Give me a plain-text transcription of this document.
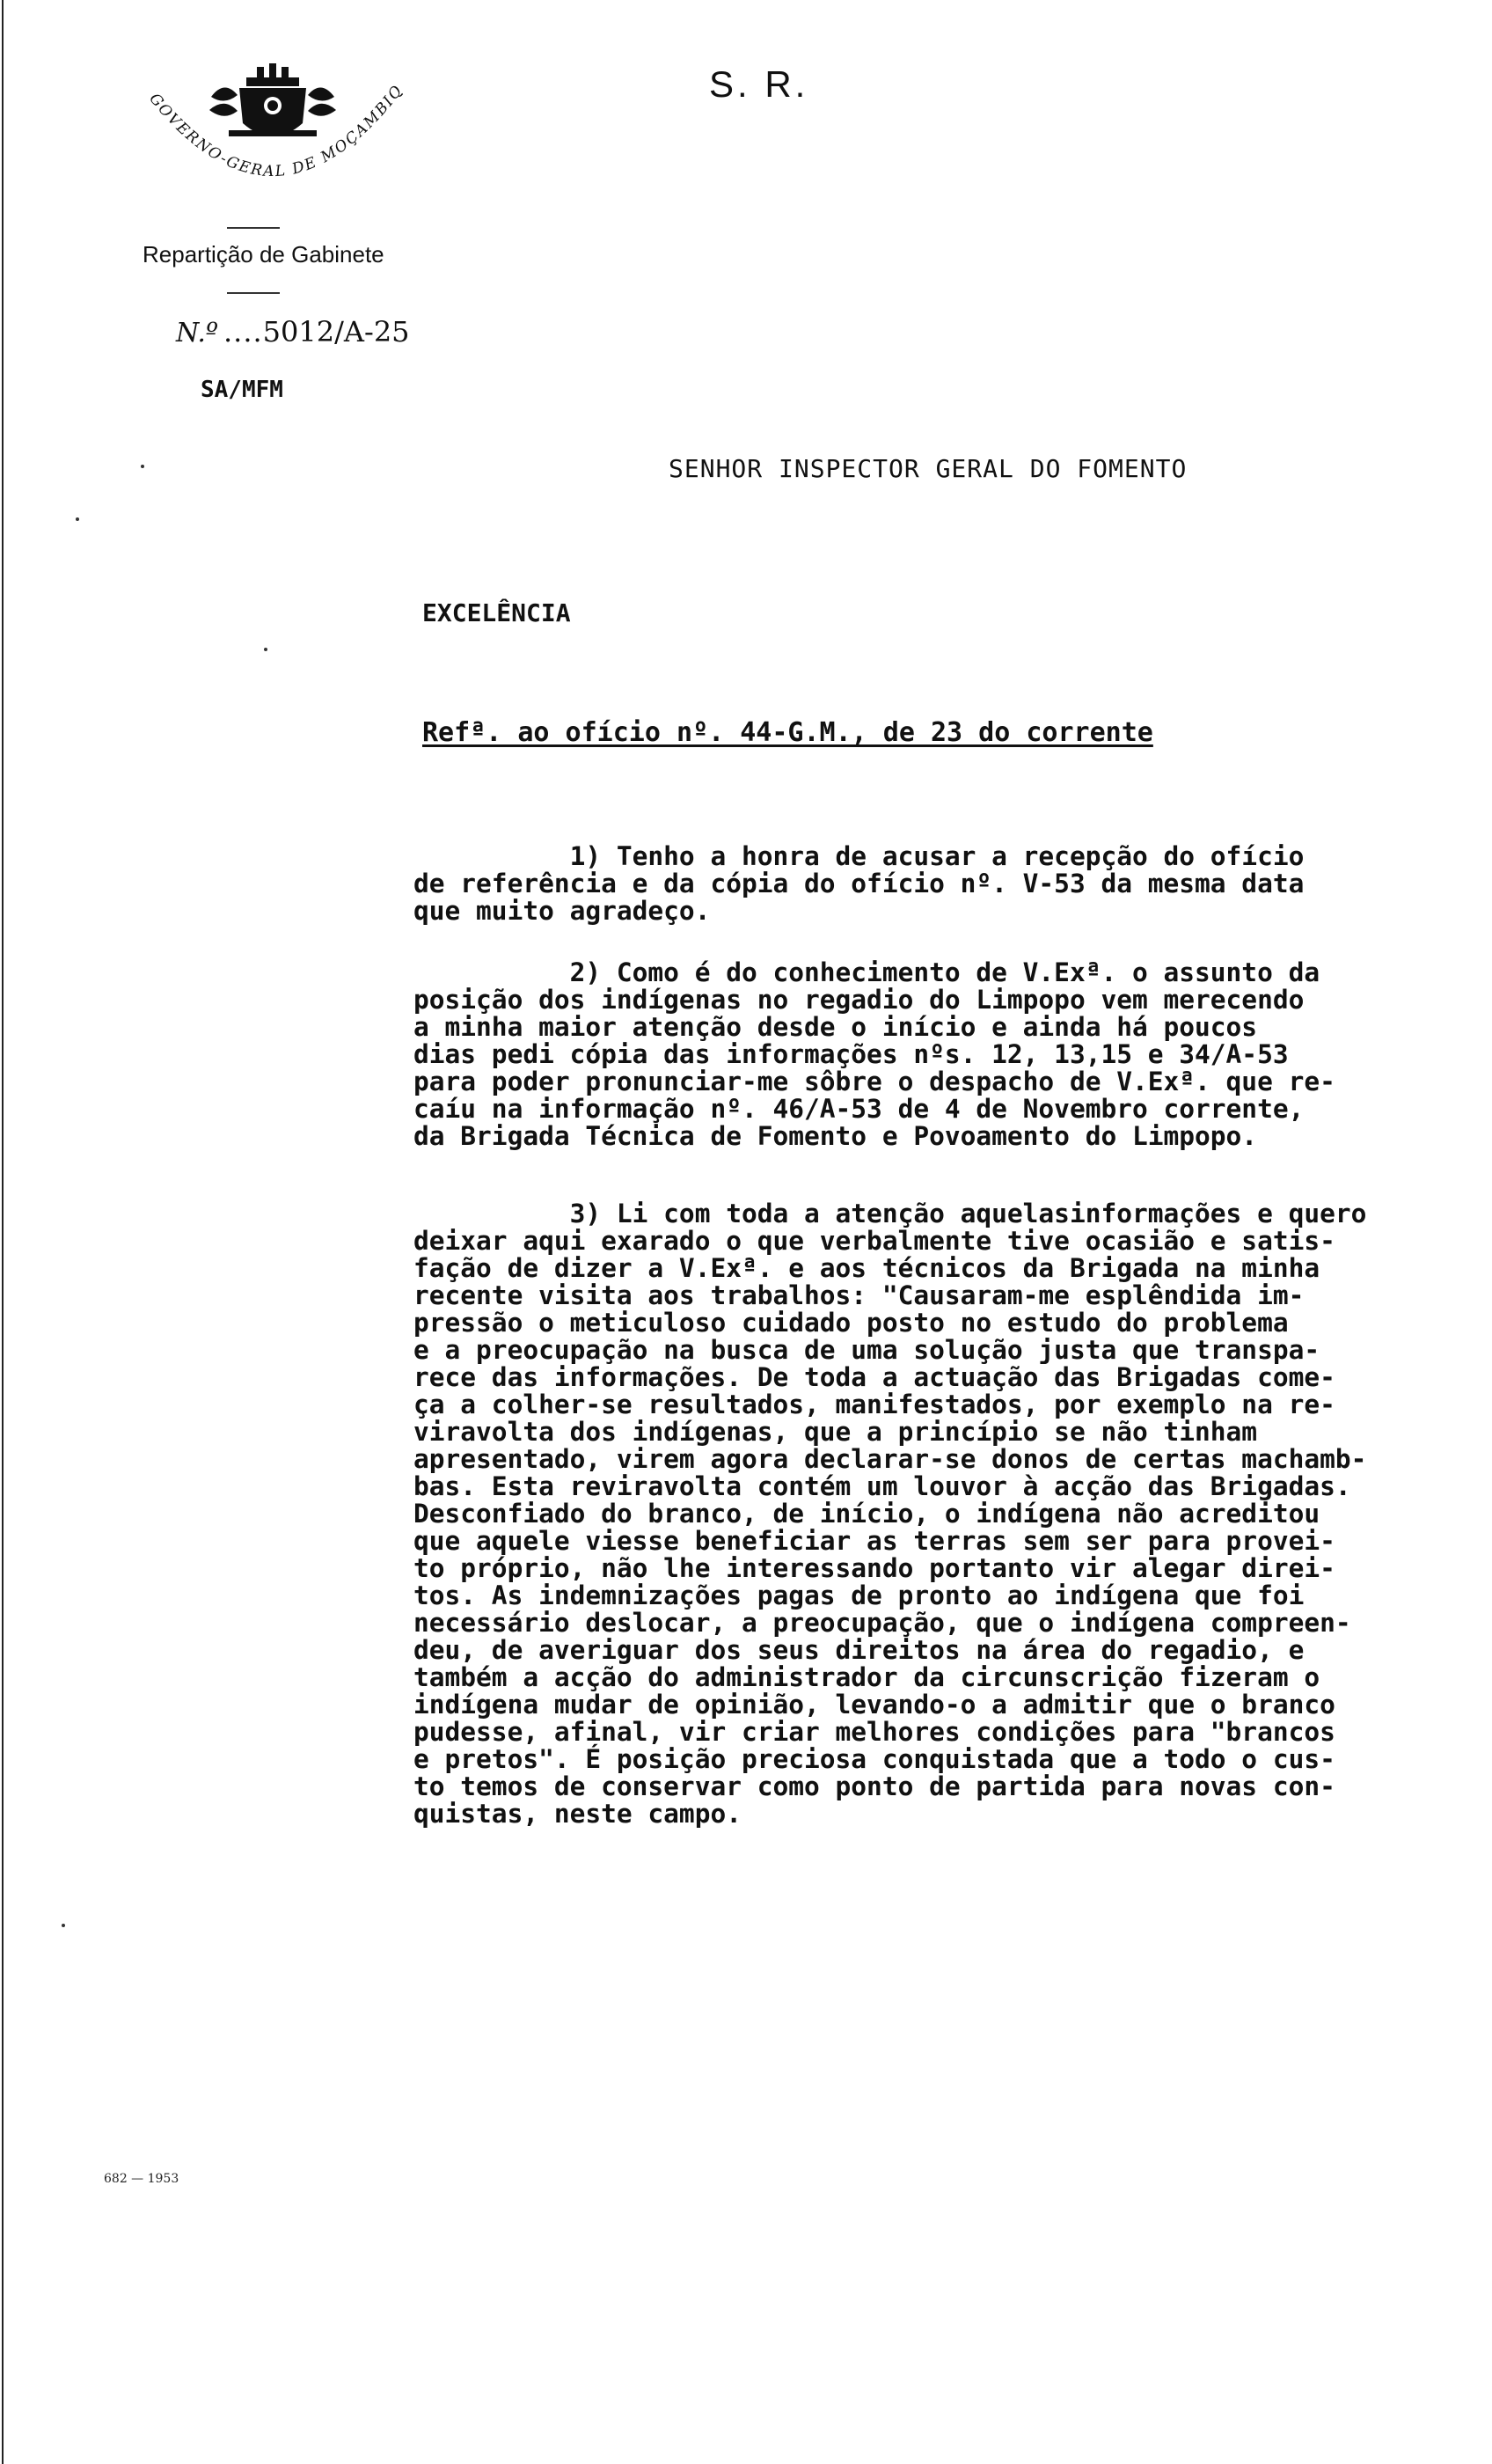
GOVERNO-GERAL DE MOÇAMBIQ
Repartição de Gabinete
N.º ....5012/A-25
SA/MFM
S. R.
SENHOR INSPECTOR GERAL DO FOMENTO
EXCELÊNCIA
Refª. ao ofício nº. 44-G.M., de 23 do corrente
1) Tenho a honra de acusar a recepção do ofício
de referência e da cópia do ofício nº. V-53 da mesma data
que muito agradeço.
2) Como é do conhecimento de V.Exª. o assunto da
posição dos indígenas no regadio do Limpopo vem merecendo
a minha maior atenção desde o início e ainda há poucos
dias pedi cópia das informações nºs. 12, 13,15 e 34/A-53
para poder pronunciar-me sôbre o despacho de V.Exª. que re-
caíu na informação nº. 46/A-53 de 4 de Novembro corrente,
da Brigada Técnica de Fomento e Povoamento do Limpopo.
3) Li com toda a atenção aquelasinformações e quero
deixar aqui exarado o que verbalmente tive ocasião e satis-
fação de dizer a V.Exª. e aos técnicos da Brigada na minha
recente visita aos trabalhos: "Causaram-me esplêndida im-
pressão o meticuloso cuidado posto no estudo do problema
e a preocupação na busca de uma solução justa que transpa-
rece das informações. De toda a actuação das Brigadas come-
ça a colher-se resultados, manifestados, por exemplo na re-
viravolta dos indígenas, que a princípio se não tinham
apresentado, virem agora declarar-se donos de certas machamb-
bas. Esta reviravolta contém um louvor à acção das Brigadas.
Desconfiado do branco, de início, o indígena não acreditou
que aquele viesse beneficiar as terras sem ser para provei-
to próprio, não lhe interessando portanto vir alegar direi-
tos. As indemnizações pagas de pronto ao indígena que foi
necessário deslocar, a preocupação, que o indígena compreen-
deu, de averiguar dos seus direitos na área do regadio, e
também a acção do administrador da circunscrição fizeram o
indígena mudar de opinião, levando-o a admitir que o branco
pudesse, afinal, vir criar melhores condições para "brancos
e pretos". É posição preciosa conquistada que a todo o cus-
to temos de conservar como ponto de partida para novas con-
quistas, neste campo.
682 — 1953
